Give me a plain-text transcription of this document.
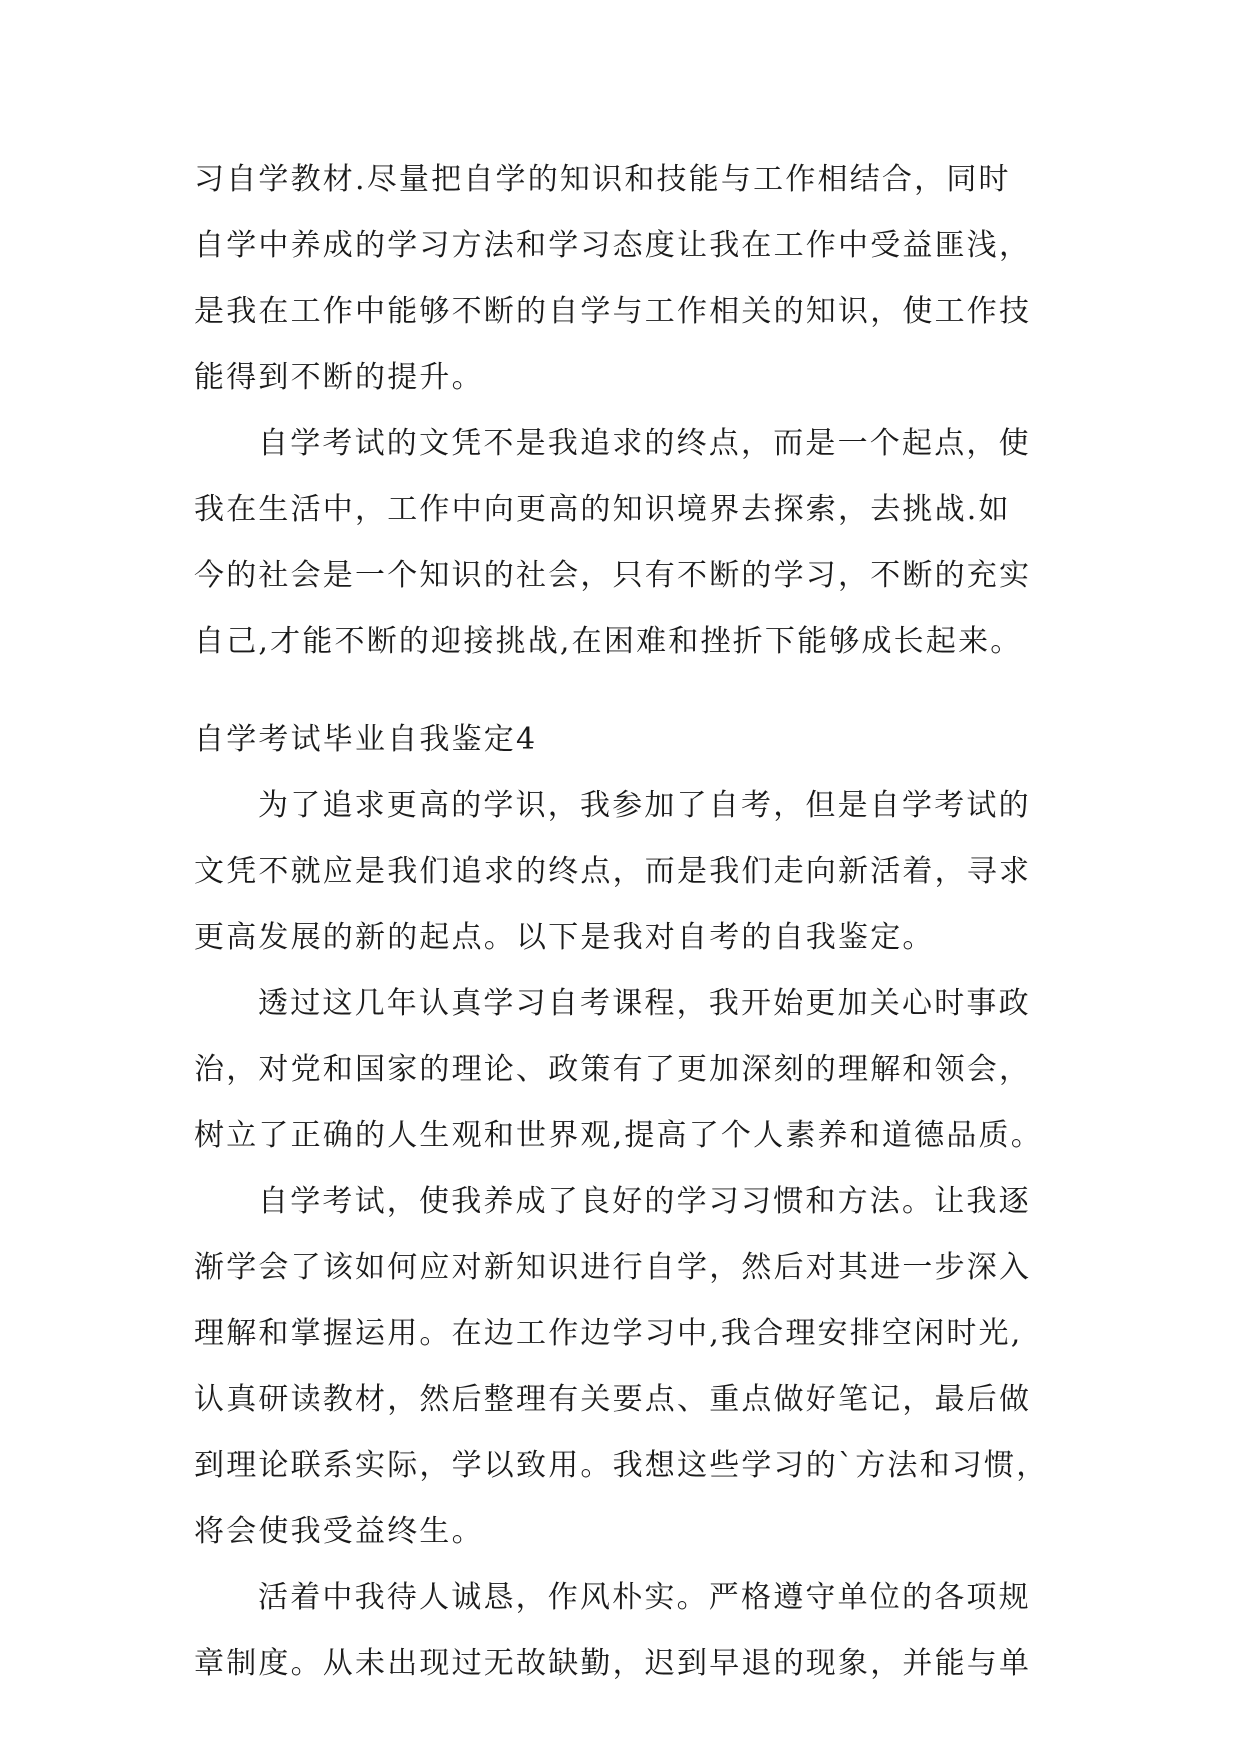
习自学教材.尽量把自学的知识和技能与工作相结合，同时
自学中养成的学习方法和学习态度让我在工作中受益匪浅，
是我在工作中能够不断的自学与工作相关的知识，使工作技
能得到不断的提升。
自学考试的文凭不是我追求的终点，而是一个起点，使
我在生活中，工作中向更高的知识境界去探索，去挑战.如
今的社会是一个知识的社会，只有不断的学习，不断的充实
自己,才能不断的迎接挑战,在困难和挫折下能够成长起来。
自学考试毕业自我鉴定4
为了追求更高的学识，我参加了自考，但是自学考试的
文凭不就应是我们追求的终点，而是我们走向新活着，寻求
更高发展的新的起点。以下是我对自考的自我鉴定。
透过这几年认真学习自考课程，我开始更加关心时事政
治，对党和国家的理论、政策有了更加深刻的理解和领会，
树立了正确的人生观和世界观,提高了个人素养和道德品质。
自学考试，使我养成了良好的学习习惯和方法。让我逐
渐学会了该如何应对新知识进行自学，然后对其进一步深入
理解和掌握运用。在边工作边学习中,我合理安排空闲时光,
认真研读教材，然后整理有关要点、重点做好笔记，最后做
到理论联系实际，学以致用。我想这些学习的`方法和习惯，
将会使我受益终生。
活着中我待人诚恳，作风朴实。严格遵守单位的各项规
章制度。从未出现过无故缺勤，迟到早退的现象，并能与单
